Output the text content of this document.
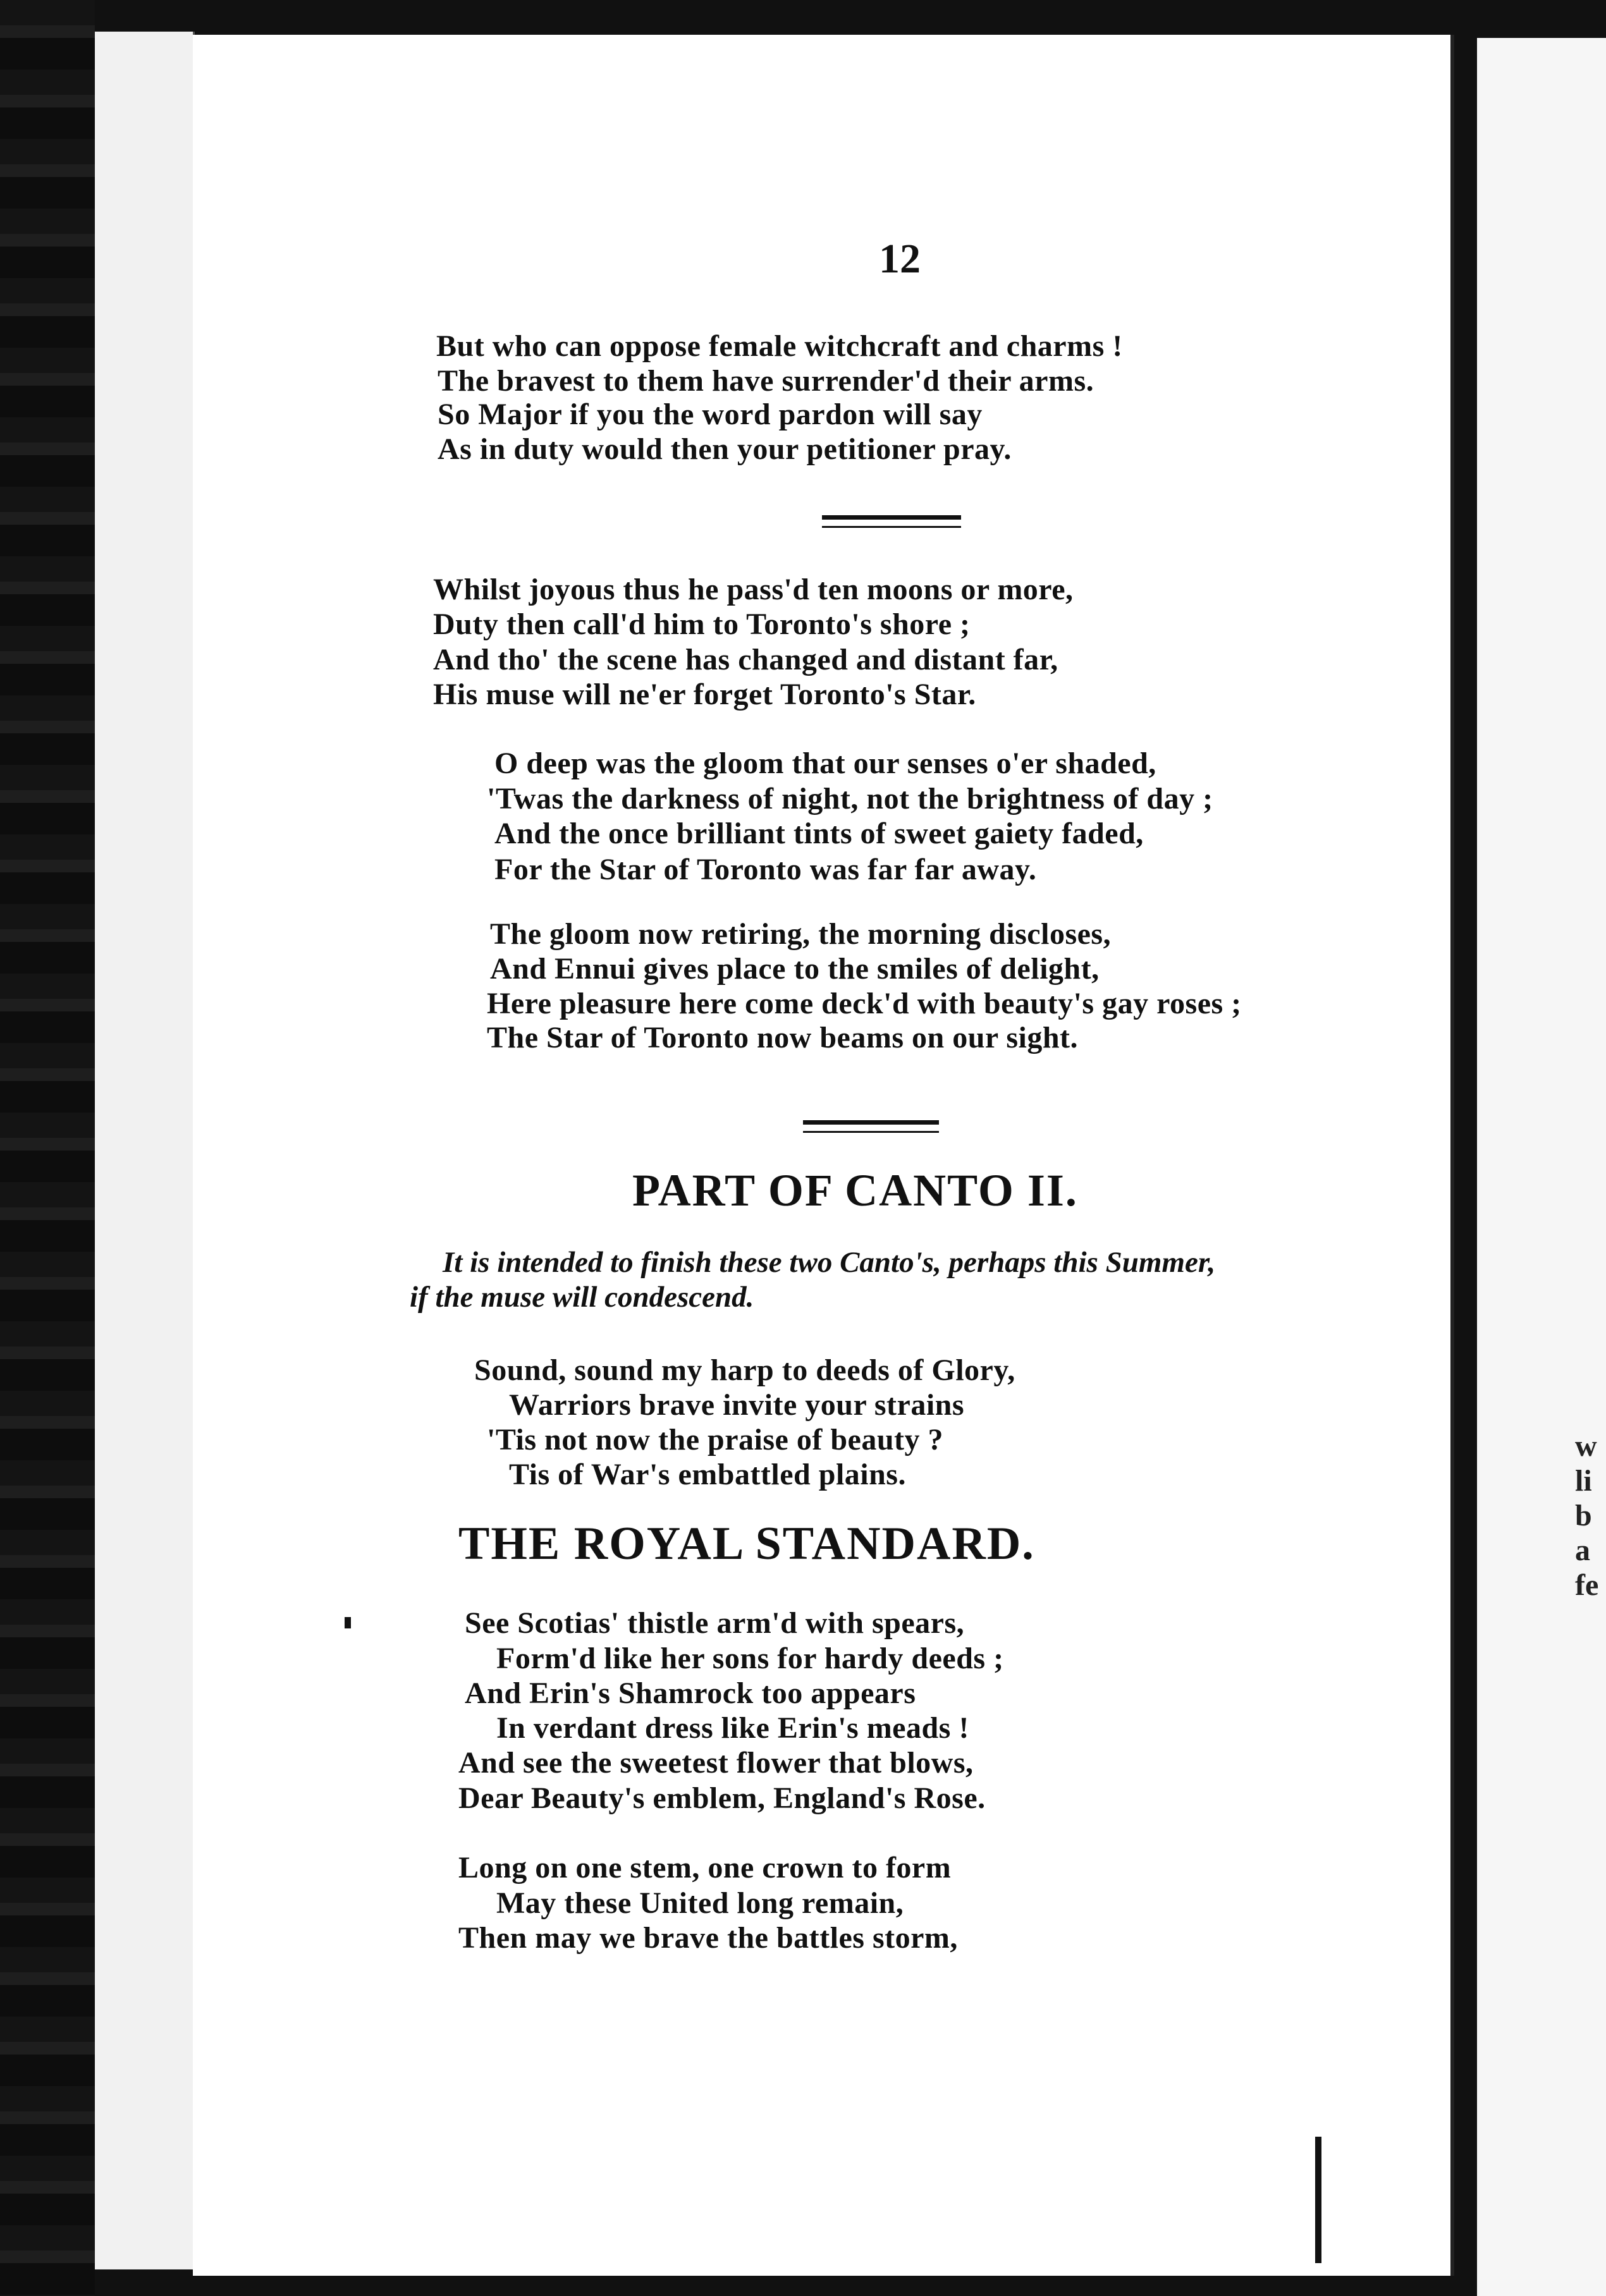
w
li
b
a
fe
12
But who can oppose female witchcraft and charms !
The bravest to them have surrender'd their arms.
So Major if you the word pardon will say
As in duty would then your petitioner pray.
Whilst joyous thus he pass'd ten moons or more,
Duty then call'd him to Toronto's shore ;
And tho' the scene has changed and distant far,
His muse will ne'er forget Toronto's Star.
O deep was the gloom that our senses o'er shaded,
'Twas the darkness of night, not the brightness of day ;
And the once brilliant tints of sweet gaiety faded,
For the Star of Toronto was far far away.
The gloom now retiring, the morning discloses,
And Ennui gives place to the smiles of delight,
Here pleasure here come deck'd with beauty's gay roses ;
The Star of Toronto now beams on our sight.
PART OF CANTO II.
It is intended to finish these two Canto's, perhaps this Summer,
if the muse will condescend.
Sound, sound my harp to deeds of Glory,
Warriors brave invite your strains
'Tis not now the praise of beauty ?
Tis of War's embattled plains.
THE ROYAL STANDARD.
See Scotias' thistle arm'd with spears,
Form'd like her sons for hardy deeds ;
And Erin's Shamrock too appears
In verdant dress like Erin's meads !
And see the sweetest flower that blows,
Dear Beauty's emblem, England's Rose.
Long on one stem, one crown to form
May these United long remain,
Then may we brave the battles storm,
